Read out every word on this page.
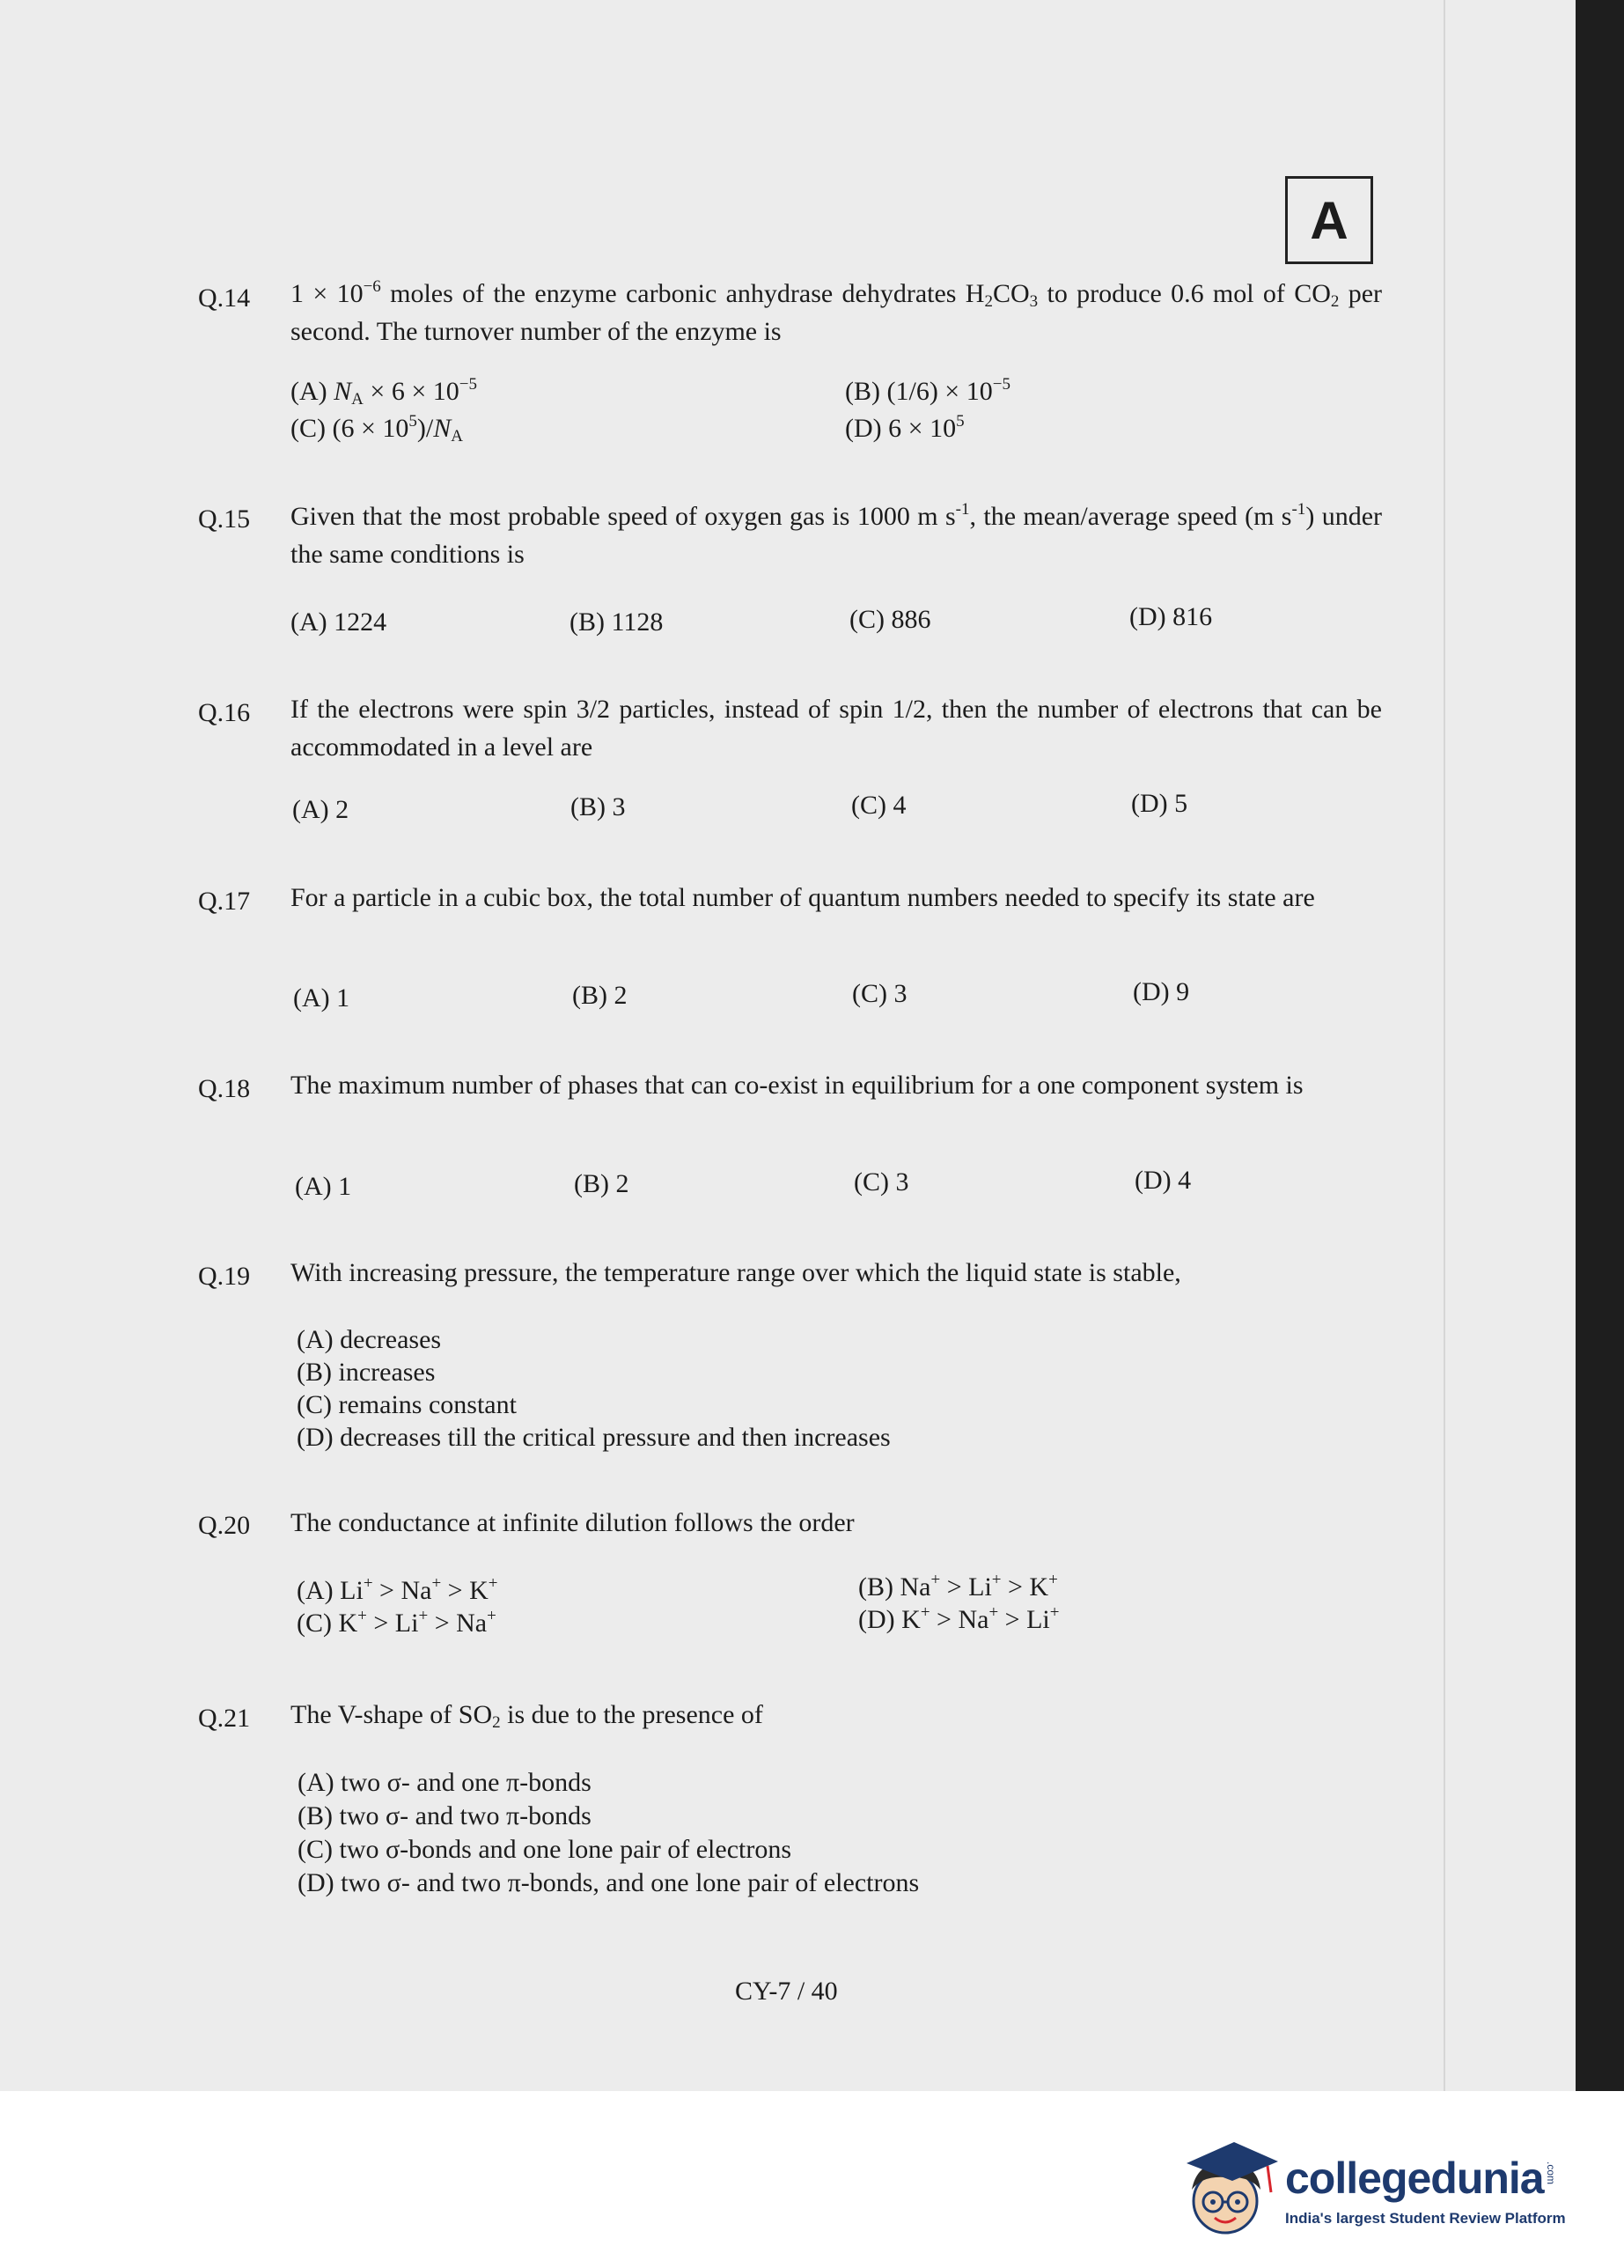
A
Q.14 $1 \times 10^{-6}$ moles of the enzyme carbonic anhydrase dehydrates $H_2CO_3$ to produce 0.6 mol of $CO_2$ per second. The turnover number of the enzyme is
(A) $N_A \times 6 \times 10^{-5}$	(B) $(1/6) \times 10^{-5}$
(C) $(6 \times 10^5)/N_A$	(D) $6 \times 10^5$
Q.15 Given that the most probable speed of oxygen gas is 1000 m $s^{-1}$, the mean/average speed (m $s^{-1}$) under the same conditions is
(A) 1224	(B) 1128	(C) 886	(D) 816
Q.16 If the electrons were spin 3/2 particles, instead of spin 1/2, then the number of electrons that can be accommodated in a level are
(A) 2	(B) 3	(C) 4	(D) 5
Q.17 For a particle in a cubic box, the total number of quantum numbers needed to specify its state are
(A) 1	(B) 2	(C) 3	(D) 9
Q.18 The maximum number of phases that can co-exist in equilibrium for a one component system is
(A) 1	(B) 2	(C) 3	(D) 4
Q.19 With increasing pressure, the temperature range over which the liquid state is stable,
(A) decreases
(B) increases
(C) remains constant
(D) decreases till the critical pressure and then increases
Q.20 The conductance at infinite dilution follows the order
(A) Li+ > Na+ > K+	(B) Na+ > Li+ > K+
(C) K+ > Li+ > Na+	(D) K+ > Na+ > Li+
Q.21 The V-shape of $SO_2$ is due to the presence of
(A) two σ- and one π-bonds
(B) two σ- and two π-bonds
(C) two σ-bonds and one lone pair of electrons
(D) two σ- and two π-bonds, and one lone pair of electrons
CY-7 / 40
collegedunia .com
India's largest Student Review Platform
